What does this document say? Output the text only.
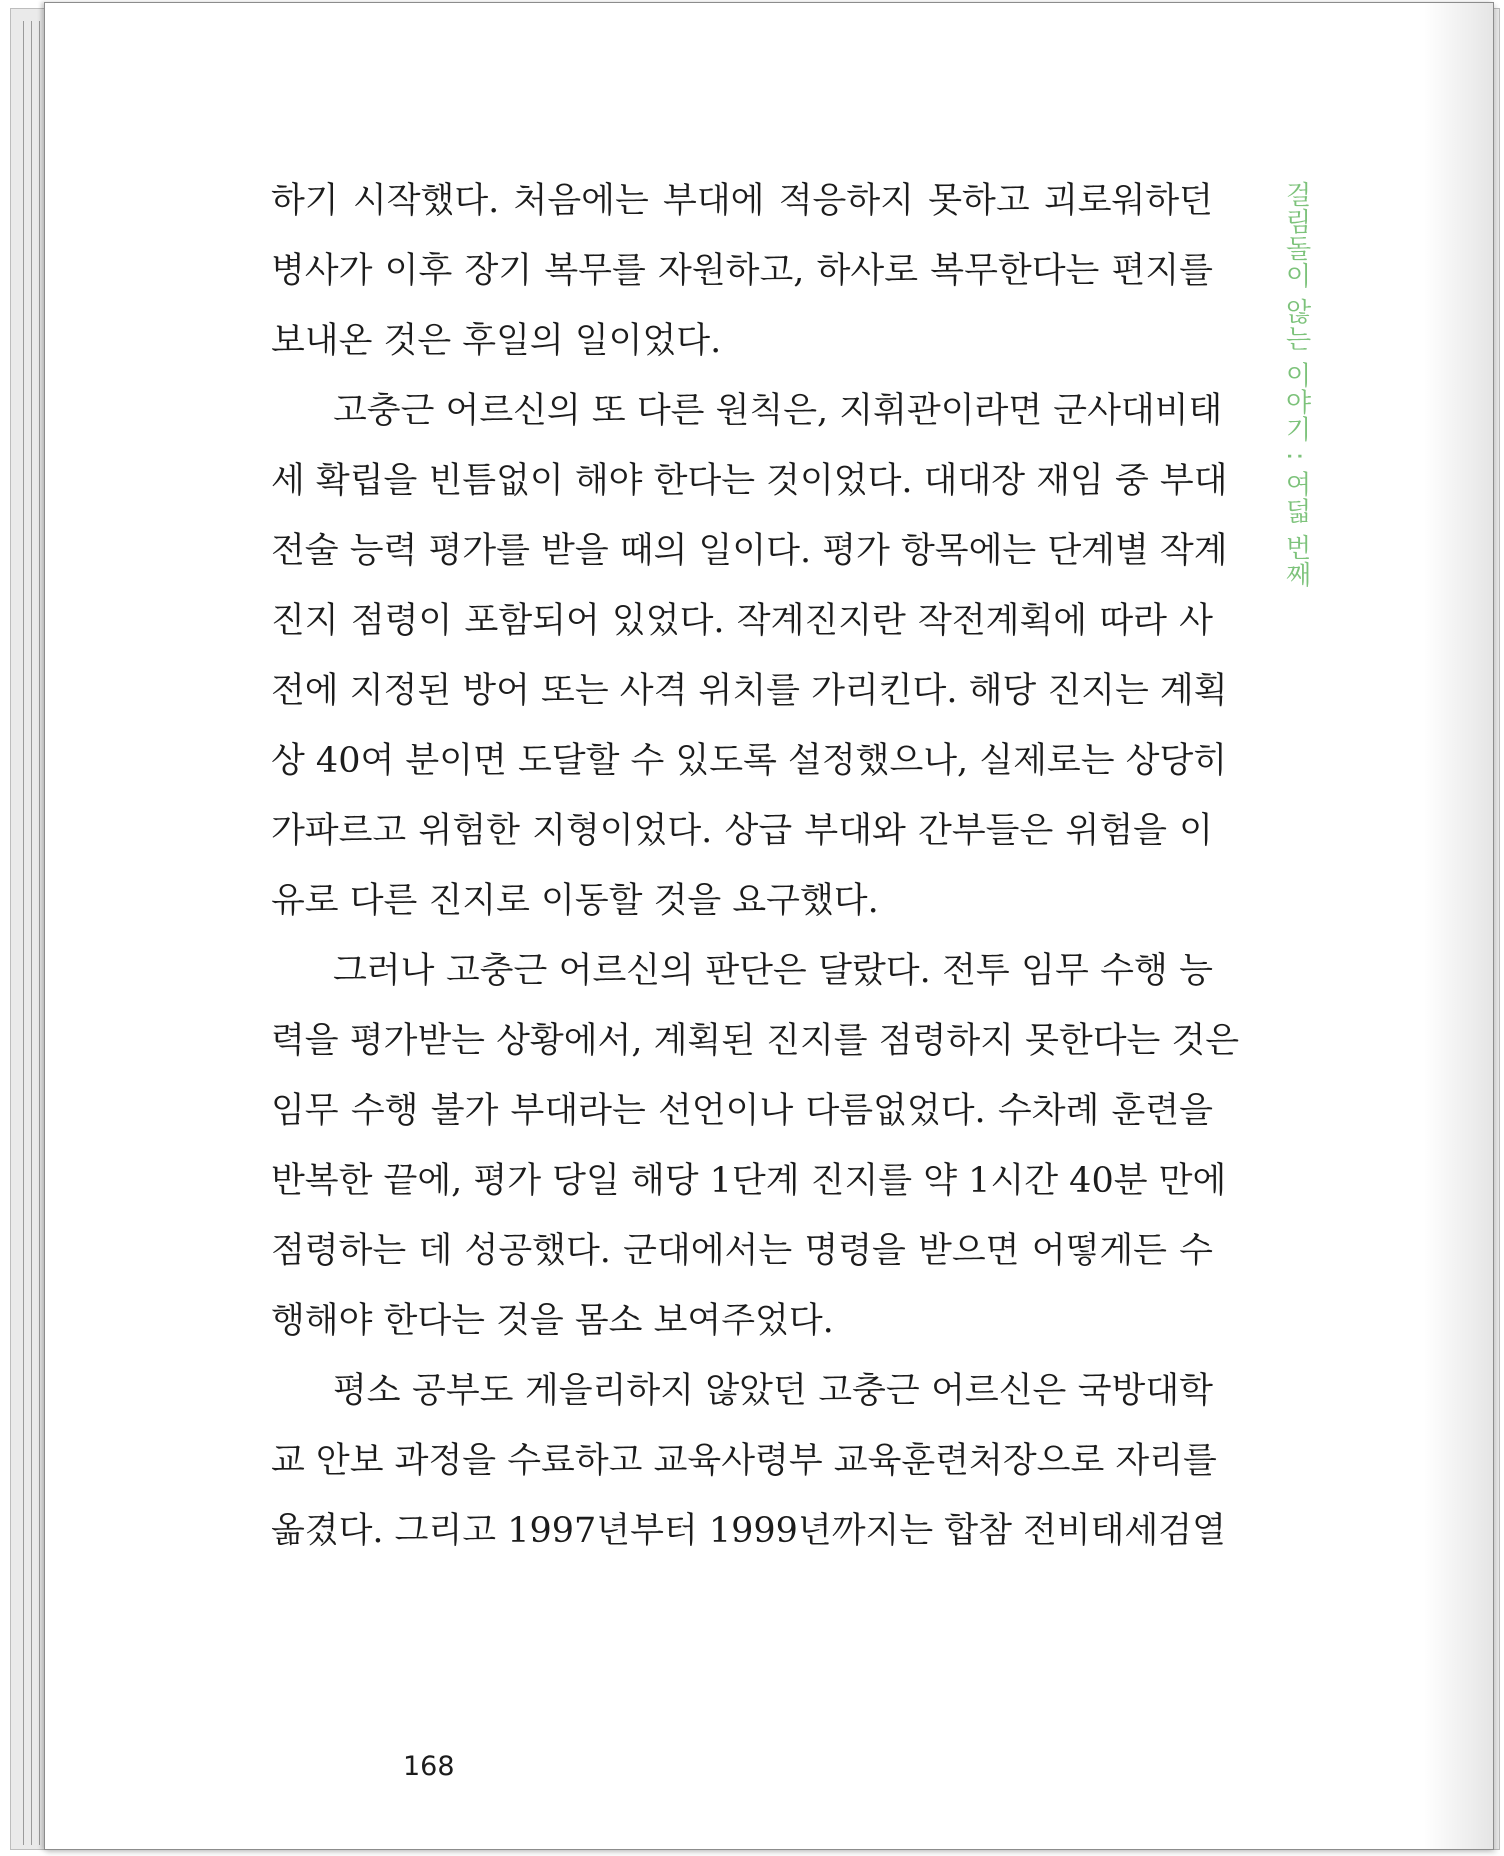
하기 시작했다. 처음에는 부대에 적응하지 못하고 괴로워하던
병사가 이후 장기 복무를 자원하고, 하사로 복무한다는 편지를
보내온 것은 후일의 일이었다.
고충근 어르신의 또 다른 원칙은, 지휘관이라면 군사대비태
세 확립을 빈틈없이 해야 한다는 것이었다. 대대장 재임 중 부대
전술 능력 평가를 받을 때의 일이다. 평가 항목에는 단계별 작계
진지 점령이 포함되어 있었다. 작계진지란 작전계획에 따라 사
전에 지정된 방어 또는 사격 위치를 가리킨다. 해당 진지는 계획
상 40여 분이면 도달할 수 있도록 설정했으나, 실제로는 상당히
가파르고 위험한 지형이었다. 상급 부대와 간부들은 위험을 이
유로 다른 진지로 이동할 것을 요구했다.
그러나 고충근 어르신의 판단은 달랐다. 전투 임무 수행 능
력을 평가받는 상황에서, 계획된 진지를 점령하지 못한다는 것은
임무 수행 불가 부대라는 선언이나 다름없었다. 수차례 훈련을
반복한 끝에, 평가 당일 해당 1단계 진지를 약 1시간 40분 만에
점령하는 데 성공했다. 군대에서는 명령을 받으면 어떻게든 수
행해야 한다는 것을 몸소 보여주었다.
평소 공부도 게을리하지 않았던 고충근 어르신은 국방대학
교 안보 과정을 수료하고 교육사령부 교육훈련처장으로 자리를
옮겼다. 그리고 1997년부터 1999년까지는 합참 전비태세검열
걸림돌이 않는 이야기 : 여덟 번째
168
